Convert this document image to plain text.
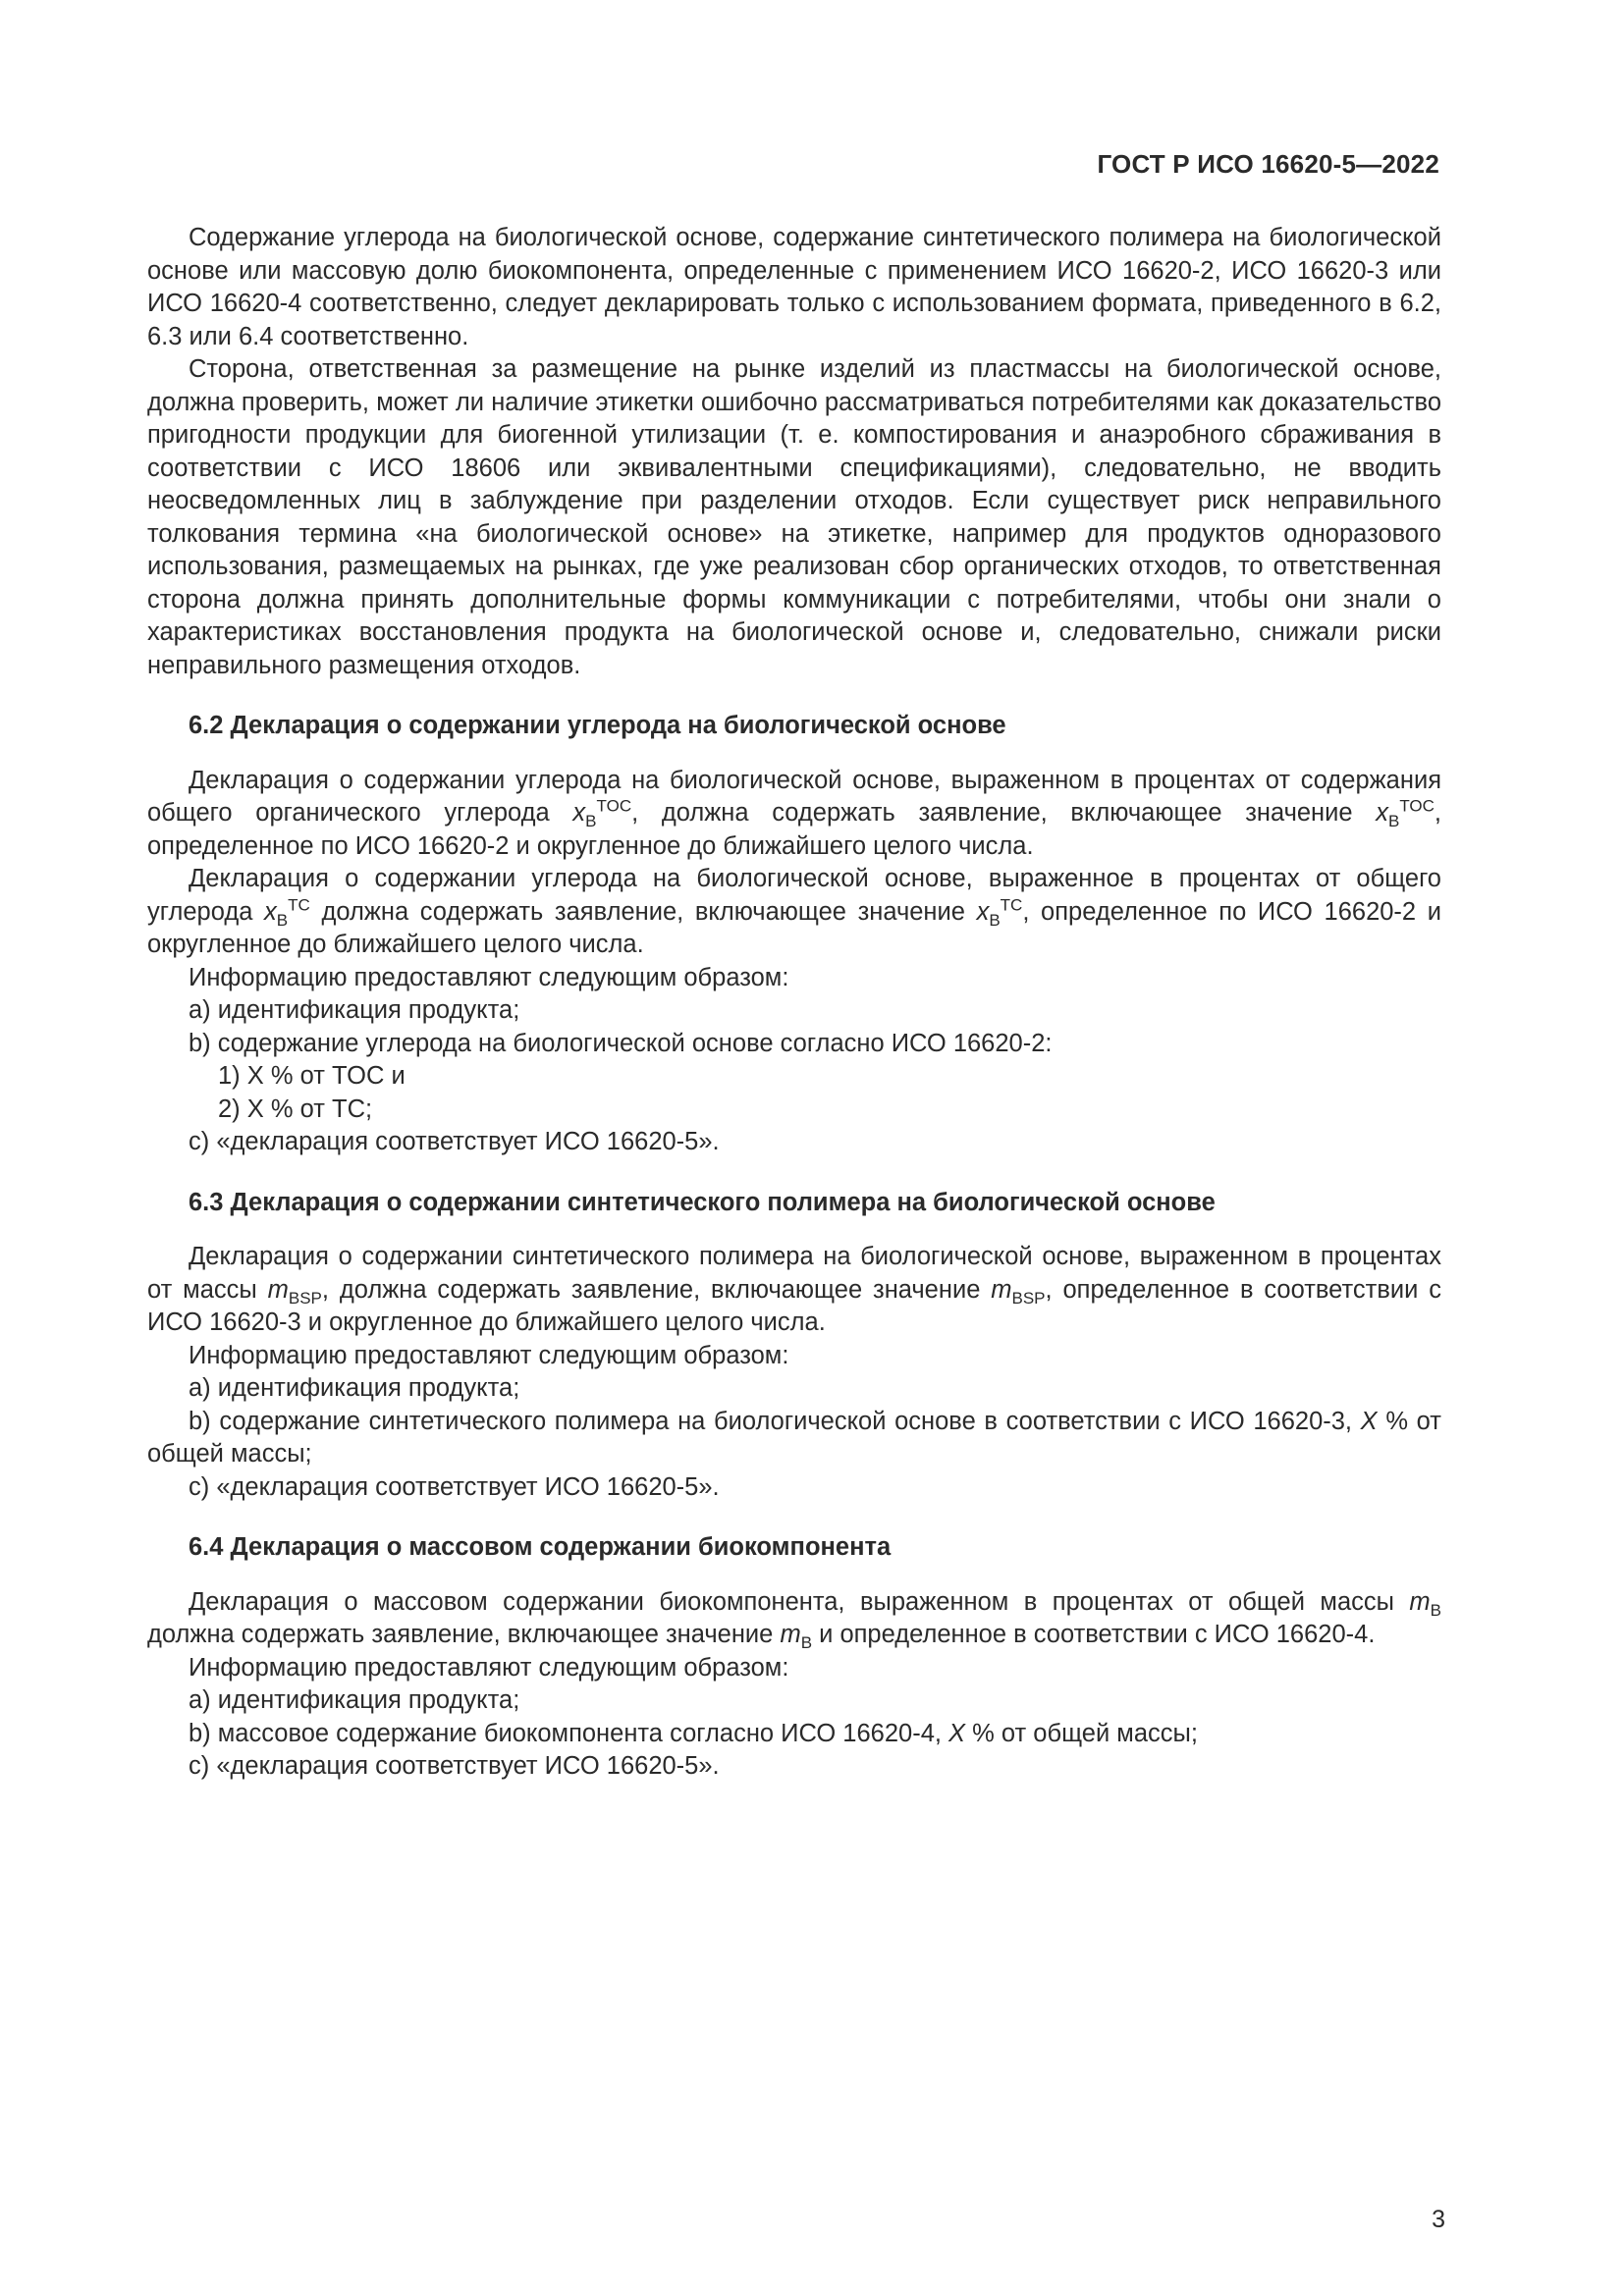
ГОСТ Р ИСО 16620-5—2022

Содержание углерода на биологической основе, содержание синтетического полимера на биологической основе или массовую долю биокомпонента, определенные с применением ИСО 16620-2, ИСО 16620-3 или ИСО 16620-4 соответственно, следует декларировать только с использованием формата, приведенного в 6.2, 6.3 или 6.4 соответственно.

Сторона, ответственная за размещение на рынке изделий из пластмассы на биологической основе, должна проверить, может ли наличие этикетки ошибочно рассматриваться потребителями как доказательство пригодности продукции для биогенной утилизации (т. е. компостирования и анаэробного сбраживания в соответствии с ИСО 18606 или эквивалентными спецификациями), следовательно, не вводить неосведомленных лиц в заблуждение при разделении отходов. Если существует риск неправильного толкования термина «на биологической основе» на этикетке, например для продуктов одноразового использования, размещаемых на рынках, где уже реализован сбор органических отходов, то ответственная сторона должна принять дополнительные формы коммуникации с потребителями, чтобы они знали о характеристиках восстановления продукта на биологической основе и, следовательно, снижали риски неправильного размещения отходов.

6.2 Декларация о содержании углерода на биологической основе

Декларация о содержании углерода на биологической основе, выраженном в процентах от содержания общего органического углерода $x_B^{TOC}$, должна содержать заявление, включающее значение $x_B^{TOC}$, определенное по ИСО 16620-2 и округленное до ближайшего целого числа.

Декларация о содержании углерода на биологической основе, выраженное в процентах от общего углерода $x_B^{TC}$ должна содержать заявление, включающее значение $x_B^{TC}$, определенное по ИСО 16620-2 и округленное до ближайшего целого числа.

Информацию предоставляют следующим образом:

a) идентификация продукта;
b) содержание углерода на биологической основе согласно ИСО 16620-2:
1) X % от TOC и
2) X % от TC;
c) «декларация соответствует ИСО 16620-5».
6.3 Декларация о содержании синтетического полимера на биологической основе

Декларация о содержании синтетического полимера на биологической основе, выраженном в процентах от массы $m_{BSP}$, должна содержать заявление, включающее значение $m_{BSP}$, определенное в соответствии с ИСО 16620-3 и округленное до ближайшего целого числа.

Информацию предоставляют следующим образом:

a) идентификация продукта;

b) содержание синтетического полимера на биологической основе в соответствии с ИСО 16620-3, X % от общей массы;

c) «декларация соответствует ИСО 16620-5».
6.4 Декларация о массовом содержании биокомпонента

Декларация о массовом содержании биокомпонента, выраженном в процентах от общей массы $m_B$ должна содержать заявление, включающее значение $m_B$ и определенное в соответствии с ИСО 16620-4.

Информацию предоставляют следующим образом:

a) идентификация продукта;
b) массовое содержание биокомпонента согласно ИСО 16620-4, X % от общей массы;
c) «декларация соответствует ИСО 16620-5».
3
